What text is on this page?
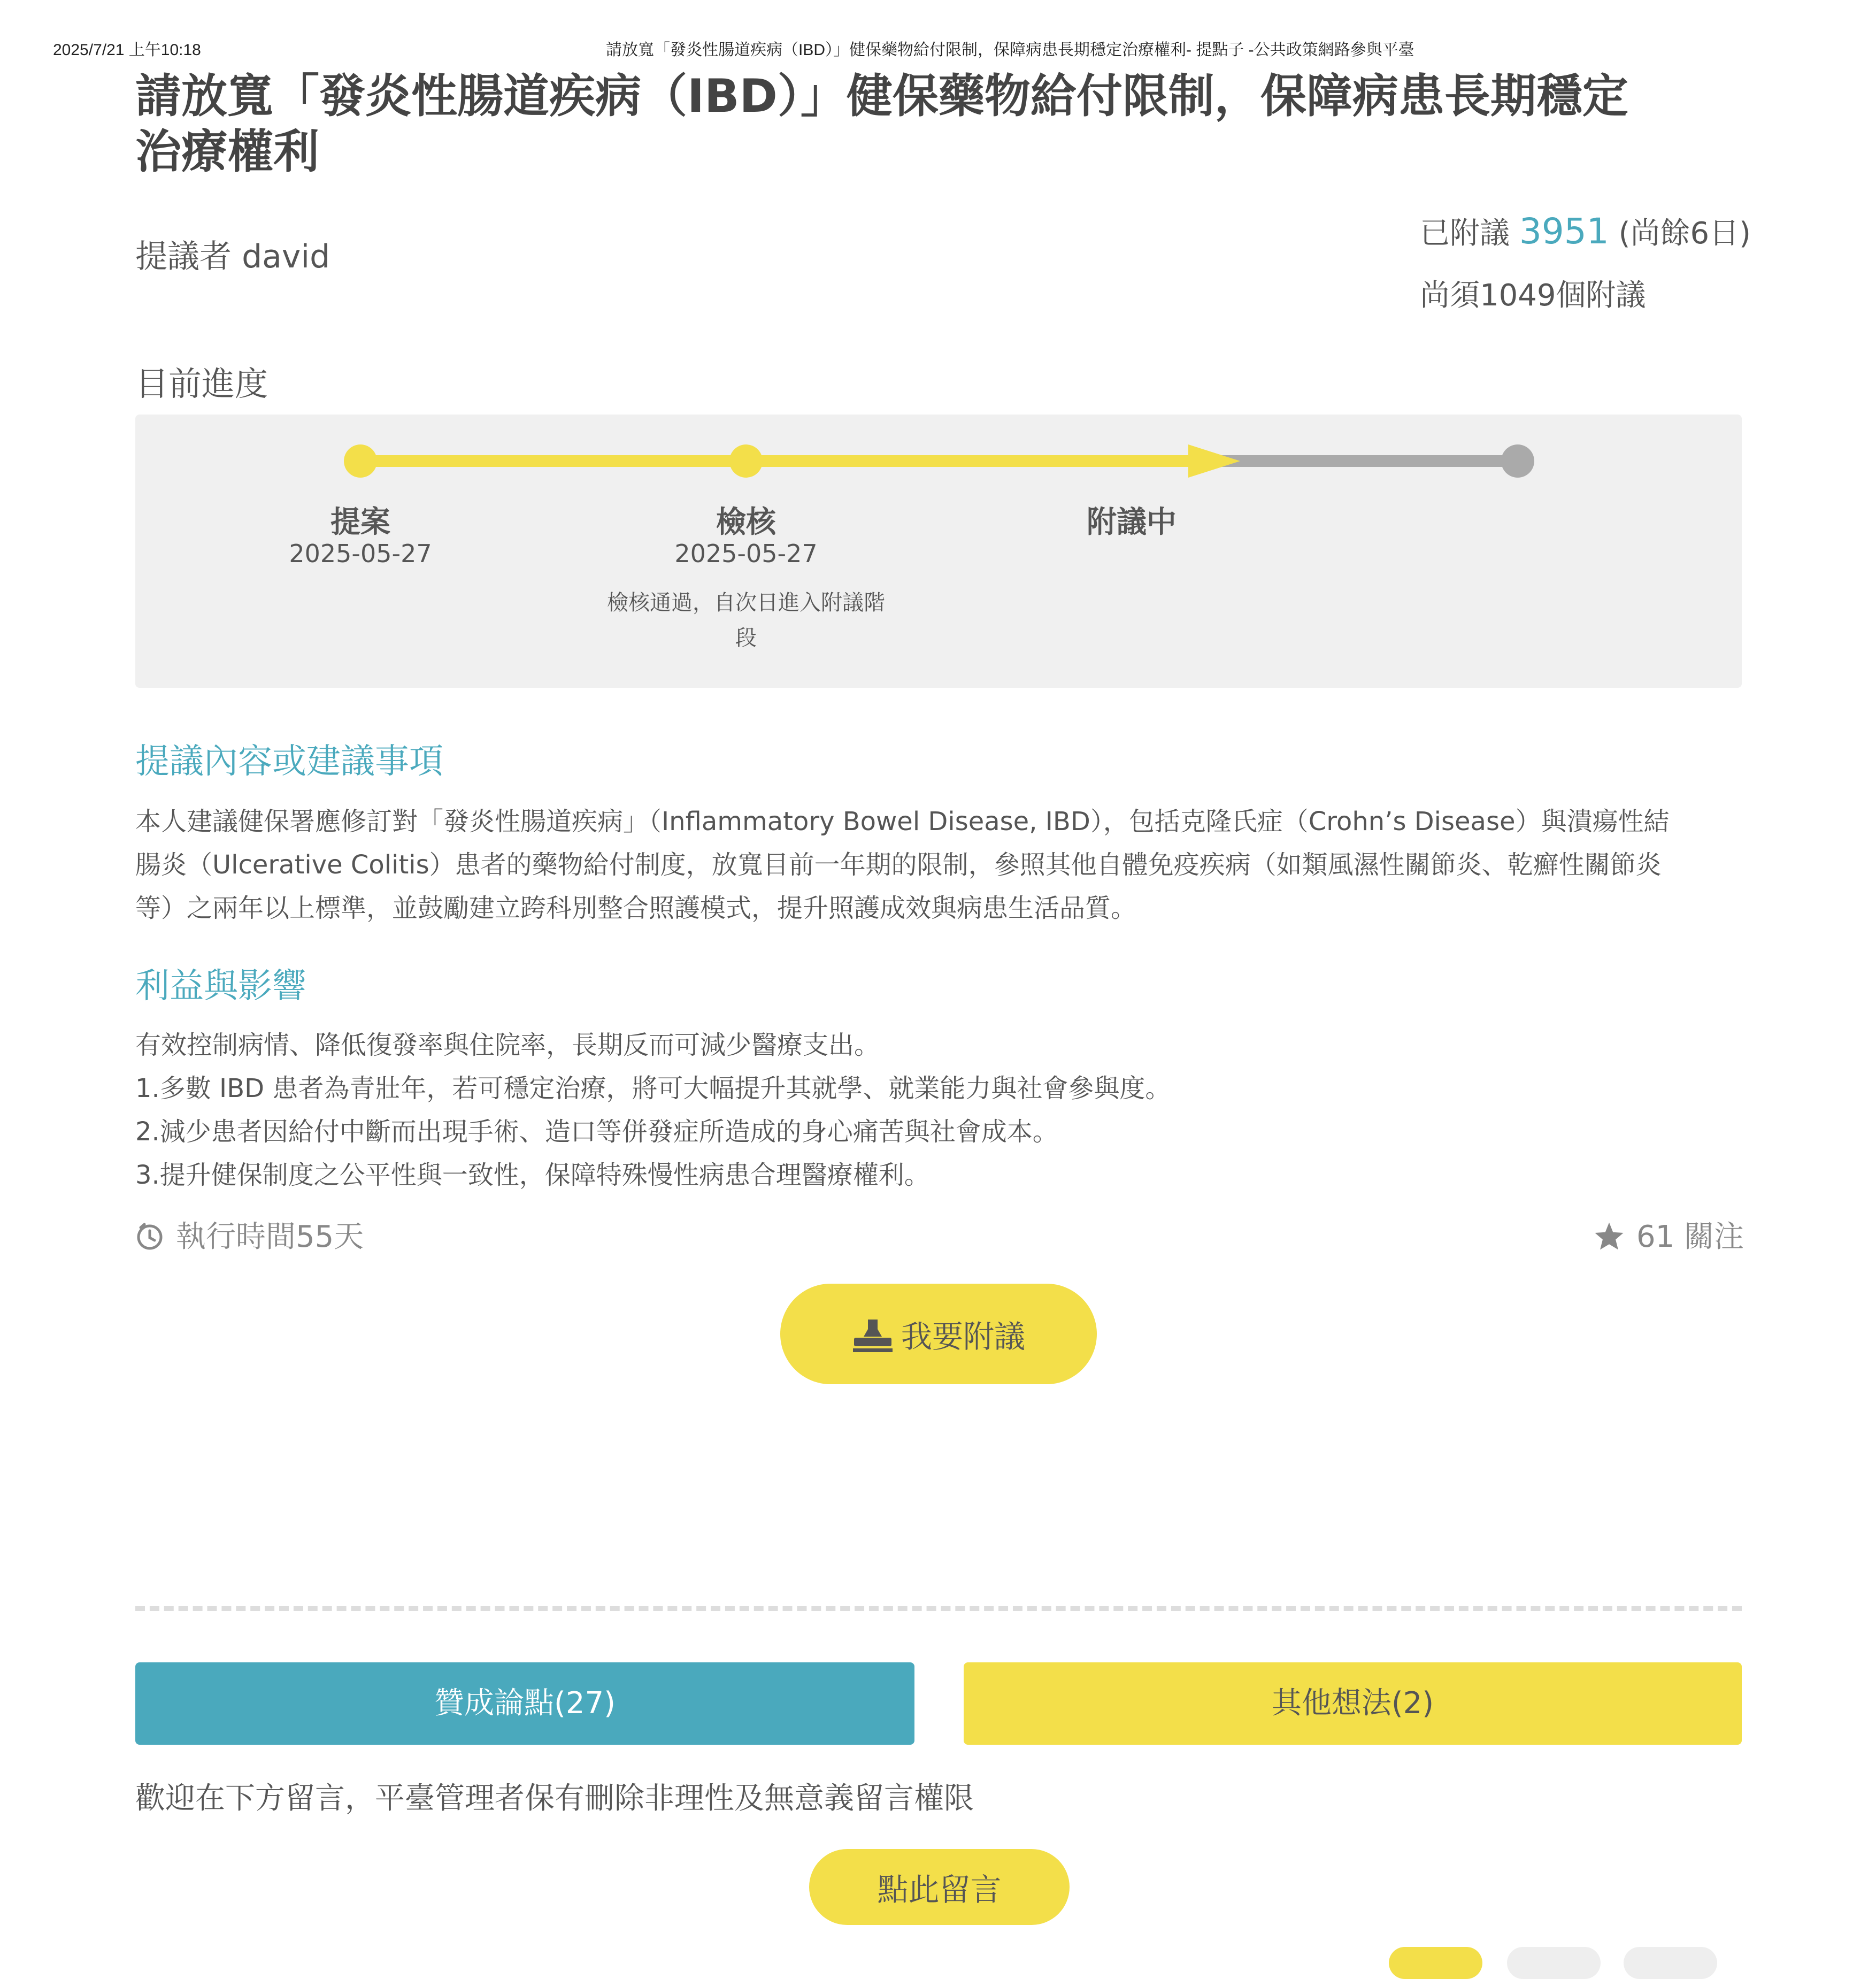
2025/7/21 上午10:18	請放寬「發炎性腸道疾病（IBD）」健保藥物給付限制，保障病患長期穩定治療權利- 提點子 -公共政策網路參與平臺
請放寬「發炎性腸道疾病（IBD）」健保藥物給付限制，保障病患長期穩定
治療權利
提議者 david
已附議 3951 (尚餘6日)
尚須1049個附議
目前進度
提案
2025-05-27
檢核
2025-05-27
檢核通過，自次日進入附議階段
附議中
提議內容或建議事項
本人建議健保署應修訂對「發炎性腸道疾病」（Inflammatory Bowel Disease, IBD），包括克隆氏症（Crohn’s Disease）與潰瘍性結
腸炎（Ulcerative Colitis）患者的藥物給付制度，放寬目前一年期的限制，參照其他自體免疫疾病（如類風濕性關節炎、乾癬性關節炎
等）之兩年以上標準，並鼓勵建立跨科別整合照護模式，提升照護成效與病患生活品質。
利益與影響
有效控制病情、降低復發率與住院率，長期反而可減少醫療支出。
1.多數 IBD 患者為青壯年，若可穩定治療，將可大幅提升其就學、就業能力與社會參與度。
2.減少患者因給付中斷而出現手術、造口等併發症所造成的身心痛苦與社會成本。
3.提升健保制度之公平性與一致性，保障特殊慢性病患合理醫療權利。
執行時間55天	61 關注
我要附議
贊成論點(27)	其他想法(2)
歡迎在下方留言，平臺管理者保有刪除非理性及無意義留言權限
點此留言
